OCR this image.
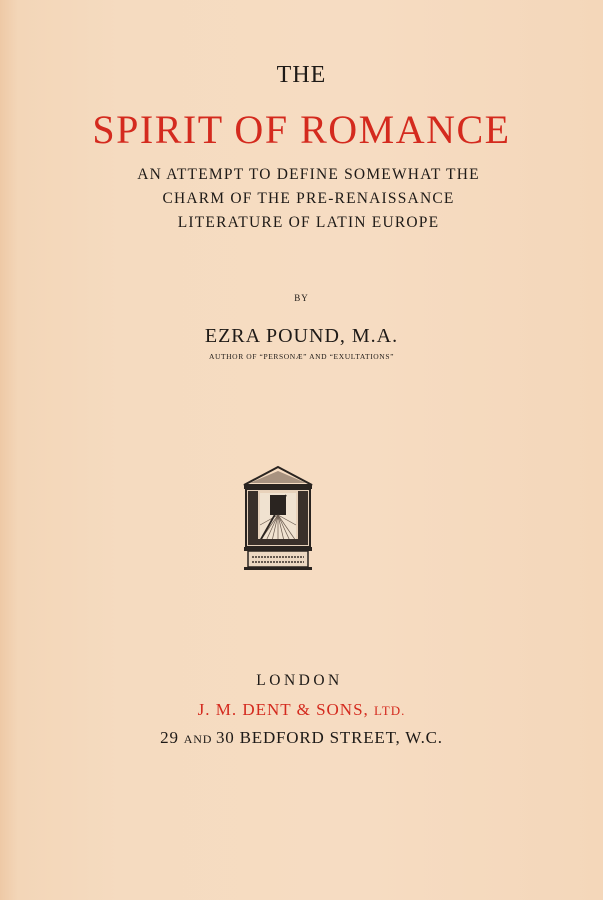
THE
SPIRIT OF ROMANCE
AN ATTEMPT TO DEFINE SOMEWHAT THE
CHARM OF THE PRE-RENAISSANCE
LITERATURE OF LATIN EUROPE
BY
EZRA POUND, M.A.
AUTHOR OF “PERSONÆ” AND “EXULTATIONS”
LONDON
J. M. DENT & SONS, LTD.
29 AND 30 BEDFORD STREET, W.C.
